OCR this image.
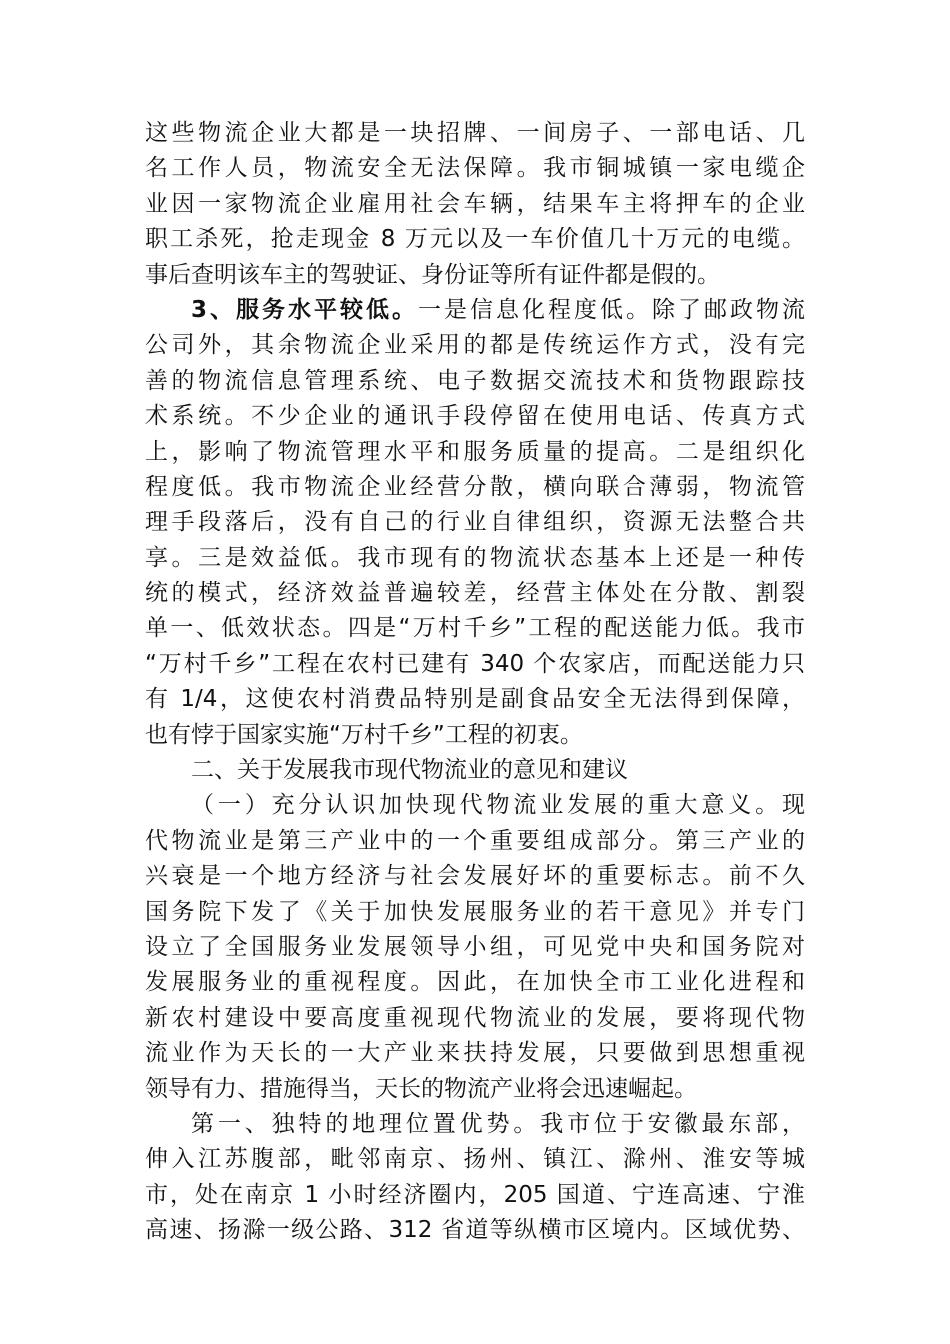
这些物流企业大都是一块招牌、一间房子、一部电话、几
名工作人员，物流安全无法保障。我市铜城镇一家电缆企
业因一家物流企业雇用社会车辆，结果车主将押车的企业
职工杀死，抢走现金 8 万元以及一车价值几十万元的电缆。
事后查明该车主的驾驶证、身份证等所有证件都是假的。
3、服务水平较低。一是信息化程度低。除了邮政物流
公司外，其余物流企业采用的都是传统运作方式，没有完
善的物流信息管理系统、电子数据交流技术和货物跟踪技
术系统。不少企业的通讯手段停留在使用电话、传真方式
上，影响了物流管理水平和服务质量的提高。二是组织化
程度低。我市物流企业经营分散，横向联合薄弱，物流管
理手段落后，没有自己的行业自律组织，资源无法整合共
享。三是效益低。我市现有的物流状态基本上还是一种传
统的模式，经济效益普遍较差，经营主体处在分散、割裂
单一、低效状态。四是“万村千乡”工程的配送能力低。我市
“万村千乡”工程在农村已建有 340 个农家店，而配送能力只
有 1/4，这使农村消费品特别是副食品安全无法得到保障，
也有悖于国家实施“万村千乡”工程的初衷。
二、关于发展我市现代物流业的意见和建议
（一）充分认识加快现代物流业发展的重大意义。现
代物流业是第三产业中的一个重要组成部分。第三产业的
兴衰是一个地方经济与社会发展好坏的重要标志。前不久
国务院下发了《关于加快发展服务业的若干意见》并专门
设立了全国服务业发展领导小组，可见党中央和国务院对
发展服务业的重视程度。因此，在加快全市工业化进程和
新农村建设中要高度重视现代物流业的发展，要将现代物
流业作为天长的一大产业来扶持发展，只要做到思想重视
领导有力、措施得当，天长的物流产业将会迅速崛起。
第一、独特的地理位置优势。我市位于安徽最东部，
伸入江苏腹部，毗邻南京、扬州、镇江、滁州、淮安等城
市，处在南京 1 小时经济圈内，205 国道、宁连高速、宁淮
高速、扬滁一级公路、312 省道等纵横市区境内。区域优势、
